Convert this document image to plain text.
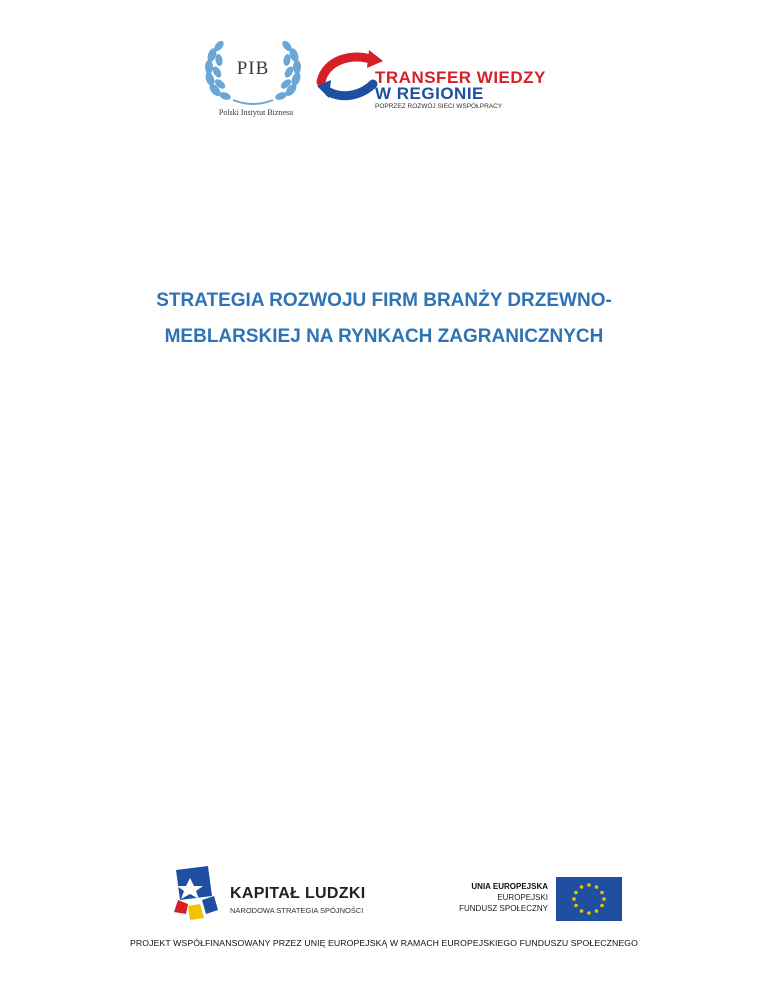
PIB
Polski Instytut Biznesu
TRANSFER WIEDZY
W REGIONIE
POPRZEZ ROZWÓJ SIECI WSPÓŁPRACY
STRATEGIA ROZWOJU FIRM BRANŻY DRZEWNO-
MEBLARSKIEJ NA RYNKACH ZAGRANICZNYCH
KAPITAŁ LUDZKI
NARODOWA STRATEGIA SPÓJNOŚCI
UNIA EUROPEJSKA
EUROPEJSKI
FUNDUSZ SPOŁECZNY
PROJEKT WSPÓŁFINANSOWANY PRZEZ UNIĘ EUROPEJSKĄ W RAMACH EUROPEJSKIEGO FUNDUSZU SPOŁECZNEGO
